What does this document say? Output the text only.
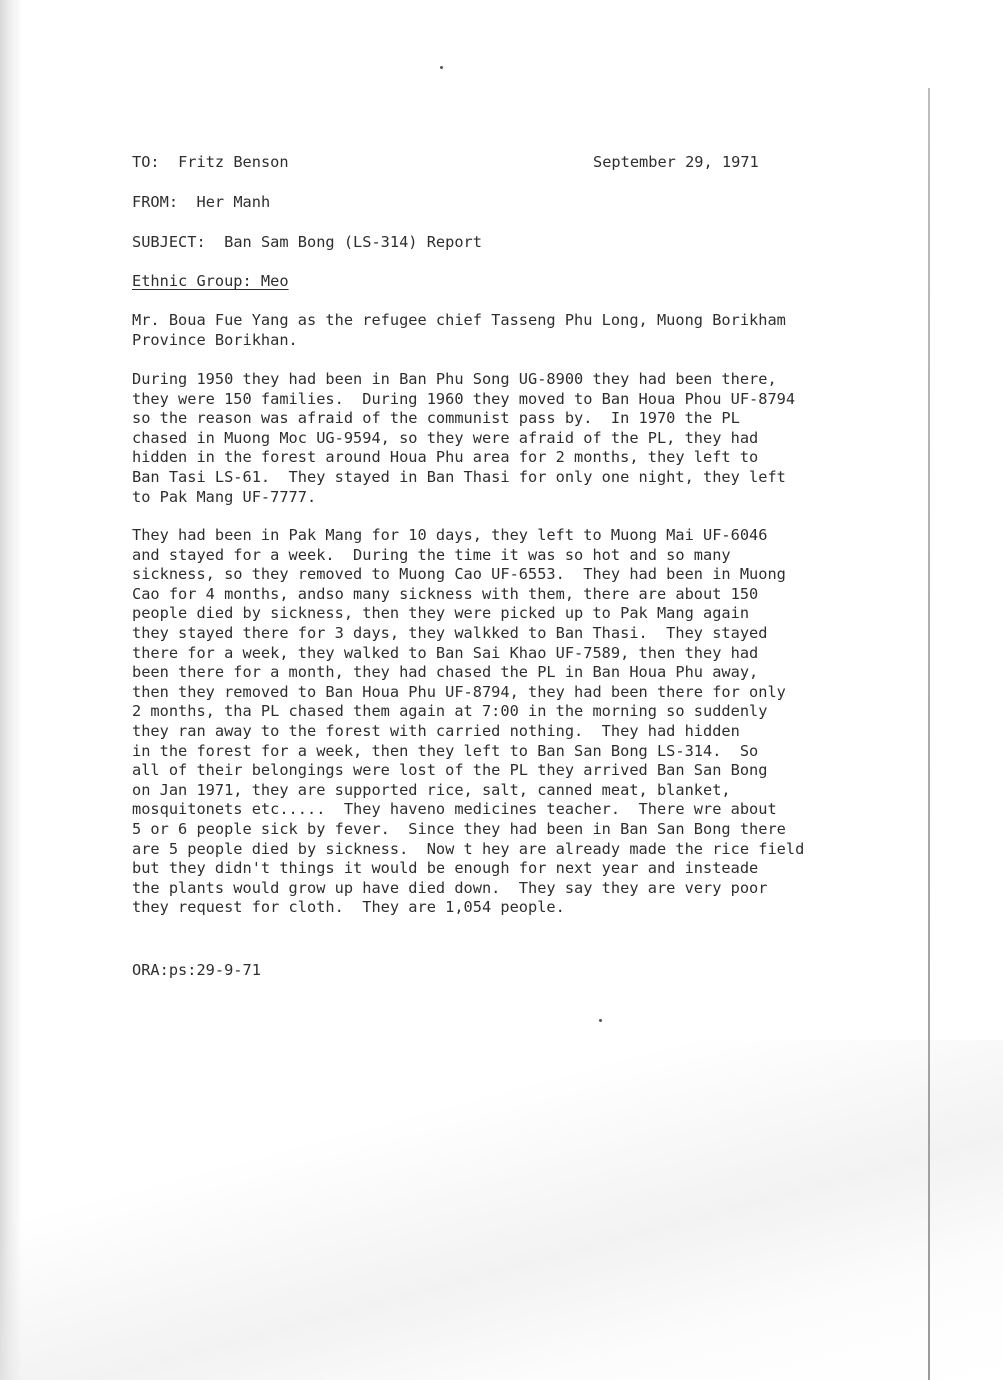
TO: Fritz Benson	September 29, 1971
FROM: Her Manh
SUBJECT: Ban Sam Bong (LS-314) Report
Ethnic Group: Meo
Mr. Boua Fue Yang as the refugee chief Tasseng Phu Long, Muong Borikham
Province Borikhan.
During 1950 they had been in Ban Phu Song UG-8900 they had been there,
they were 150 families.  During 1960 they moved to Ban Houa Phou UF-8794
so the reason was afraid of the communist pass by.  In 1970 the PL
chased in Muong Moc UG-9594, so they were afraid of the PL, they had
hidden in the forest around Houa Phu area for 2 months, they left to
Ban Tasi LS-61.  They stayed in Ban Thasi for only one night, they left
to Pak Mang UF-7777.
They had been in Pak Mang for 10 days, they left to Muong Mai UF-6046
and stayed for a week.  During the time it was so hot and so many
sickness, so they removed to Muong Cao UF-6553.  They had been in Muong
Cao for 4 months, andso many sickness with them, there are about 150
people died by sickness, then they were picked up to Pak Mang again
they stayed there for 3 days, they walkked to Ban Thasi.  They stayed
there for a week, they walked to Ban Sai Khao UF-7589, then they had
been there for a month, they had chased the PL in Ban Houa Phu away,
then they removed to Ban Houa Phu UF-8794, they had been there for only
2 months, tha PL chased them again at 7:00 in the morning so suddenly
they ran away to the forest with carried nothing.  They had hidden
in the forest for a week, then they left to Ban San Bong LS-314.  So
all of their belongings were lost of the PL they arrived Ban San Bong
on Jan 1971, they are supported rice, salt, canned meat, blanket,
mosquitonets etc.....  They haveno medicines teacher.  There wre about
5 or 6 people sick by fever.  Since they had been in Ban San Bong there
are 5 people died by sickness.  Now t hey are already made the rice field
but they didn't things it would be enough for next year and insteade
the plants would grow up have died down.  They say they are very poor
they request for cloth.  They are 1,054 people.
ORA:ps:29-9-71
